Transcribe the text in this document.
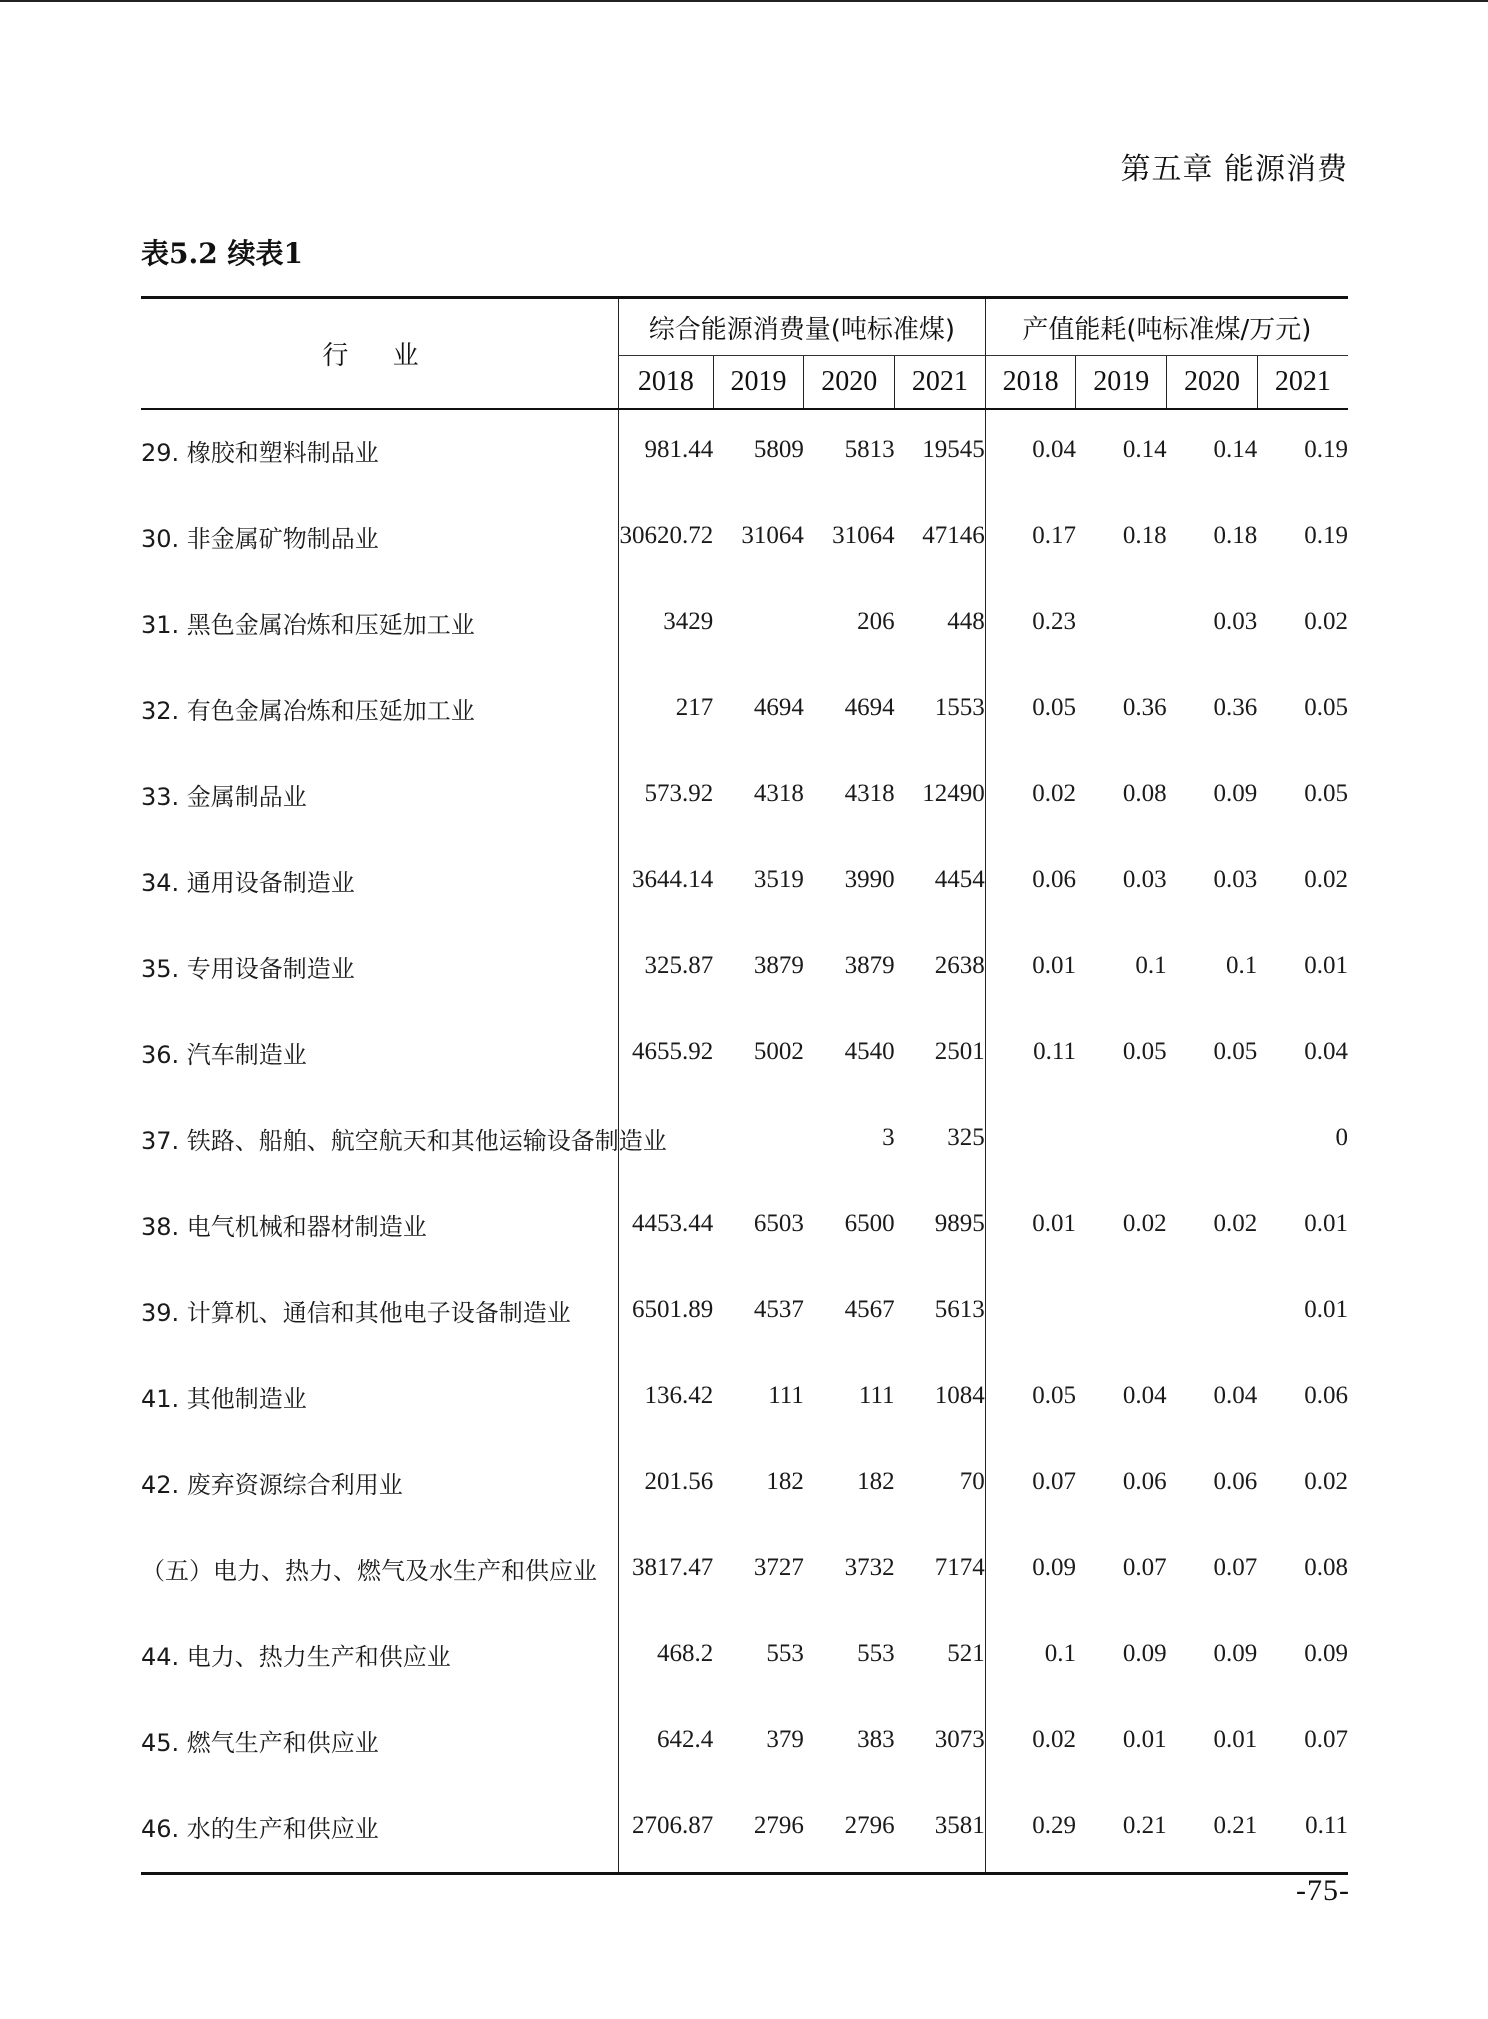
第五章 能源消费
表5.2 续表1
行 业	综合能源消费量(吨标准煤)				产值能耗(吨标准煤/万元)			
	2018	2019	2020	2021	2018	2019	2020	2021
29. 橡胶和塑料制品业	981.44	5809	5813	19545	0.04	0.14	0.14	0.19
30. 非金属矿物制品业	30620.72	31064	31064	47146	0.17	0.18	0.18	0.19
31. 黑色金属冶炼和压延加工业	3429		206	448	0.23		0.03	0.02
32. 有色金属冶炼和压延加工业	217	4694	4694	1553	0.05	0.36	0.36	0.05
33. 金属制品业	573.92	4318	4318	12490	0.02	0.08	0.09	0.05
34. 通用设备制造业	3644.14	3519	3990	4454	0.06	0.03	0.03	0.02
35. 专用设备制造业	325.87	3879	3879	2638	0.01	0.1	0.1	0.01
36. 汽车制造业	4655.92	5002	4540	2501	0.11	0.05	0.05	0.04
37. 铁路、船舶、航空航天和其他运输设备制造业			3	325				0
38. 电气机械和器材制造业	4453.44	6503	6500	9895	0.01	0.02	0.02	0.01
39. 计算机、通信和其他电子设备制造业	6501.89	4537	4567	5613				0.01
41. 其他制造业	136.42	111	111	1084	0.05	0.04	0.04	0.06
42. 废弃资源综合利用业	201.56	182	182	70	0.07	0.06	0.06	0.02
（五）电力、热力、燃气及水生产和供应业	3817.47	3727	3732	7174	0.09	0.07	0.07	0.08
44. 电力、热力生产和供应业	468.2	553	553	521	0.1	0.09	0.09	0.09
45. 燃气生产和供应业	642.4	379	383	3073	0.02	0.01	0.01	0.07
46. 水的生产和供应业	2706.87	2796	2796	3581	0.29	0.21	0.21	0.11
-75-
